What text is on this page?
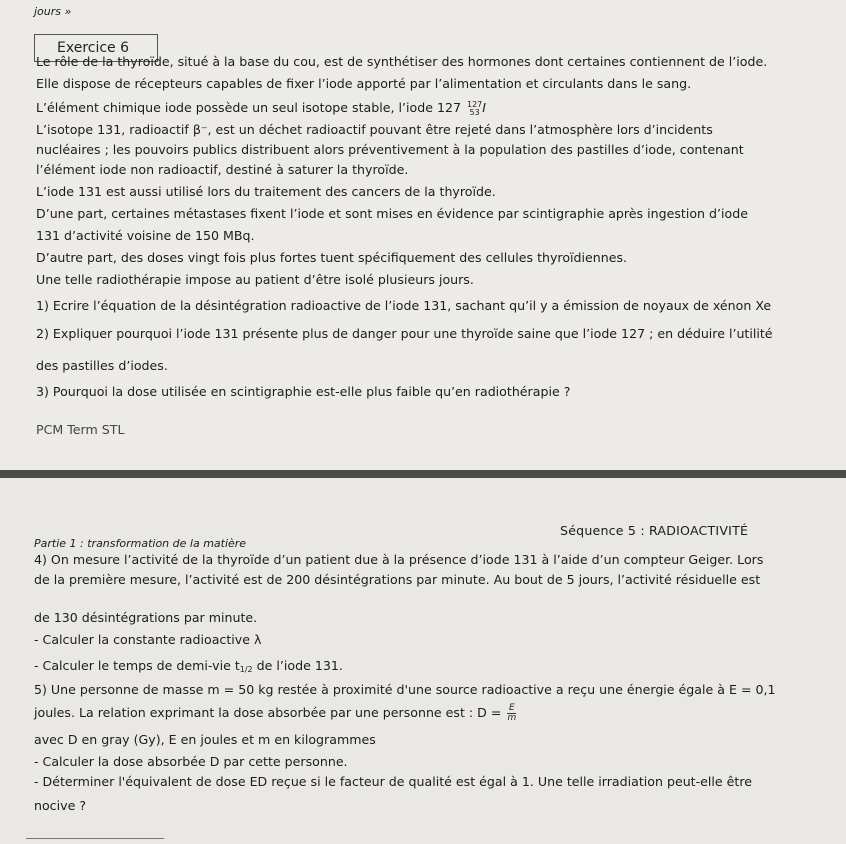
jours »
Exercice 6
Le rôle de la thyroïde, situé à la base du cou, est de synthétiser des hormones dont certaines contiennent de l’iode.
Elle dispose de récepteurs capables de fixer l’iode apporté par l’alimentation et circulants dans le sang.
L’élément chimique iode possède un seul isotope stable, l’iode 127 127
53 I
L’isotope 131, radioactif β⁻, est un déchet radioactif pouvant être rejeté dans l’atmosphère lors d’incidents
nucléaires ; les pouvoirs publics distribuent alors préventivement à la population des pastilles d’iode, contenant
l’élément iode non radioactif, destiné à saturer la thyroïde.
L’iode 131 est aussi utilisé lors du traitement des cancers de la thyroïde.
D’une part, certaines métastases fixent l’iode et sont mises en évidence par scintigraphie après ingestion d’iode
131 d’activité voisine de 150 MBq.
D’autre part, des doses vingt fois plus fortes tuent spécifiquement des cellules thyroïdiennes.
Une telle radiothérapie impose au patient d’être isolé plusieurs jours.
1) Ecrire l’équation de la désintégration radioactive de l’iode 131, sachant qu’il y a émission de noyaux de xénon Xe
2) Expliquer pourquoi l’iode 131 présente plus de danger pour une thyroïde saine que l’iode 127 ; en déduire l’utilité
des pastilles d’iodes.
3) Pourquoi la dose utilisée en scintigraphie est-elle plus faible qu’en radiothérapie ?
PCM Term STL
Séquence 5 : RADIOACTIVITÉ
Partie 1 : transformation de la matière
4) On mesure l’activité de la thyroïde d’un patient due à la présence d’iode 131 à l’aide d’un compteur Geiger. Lors
de la première mesure, l’activité est de 200 désintégrations par minute. Au bout de 5 jours, l’activité résiduelle est
de 130 désintégrations par minute.
- Calculer la constante radioactive λ
- Calculer le temps de demi-vie $t_{1/2}$ de l’iode 131.
5) Une personne de masse m = 50 kg restée à proximité d'une source radioactive a reçu une énergie égale à E = 0,1
joules. La relation exprimant la dose absorbée par une personne est : $D = \frac{E}{m}$
avec D en gray (Gy), E en joules et m en kilogrammes
- Calculer la dose absorbée D par cette personne.
- Déterminer l'équivalent de dose ED reçue si le facteur de qualité est égal à 1. Une telle irradiation peut-elle être
nocive ?
